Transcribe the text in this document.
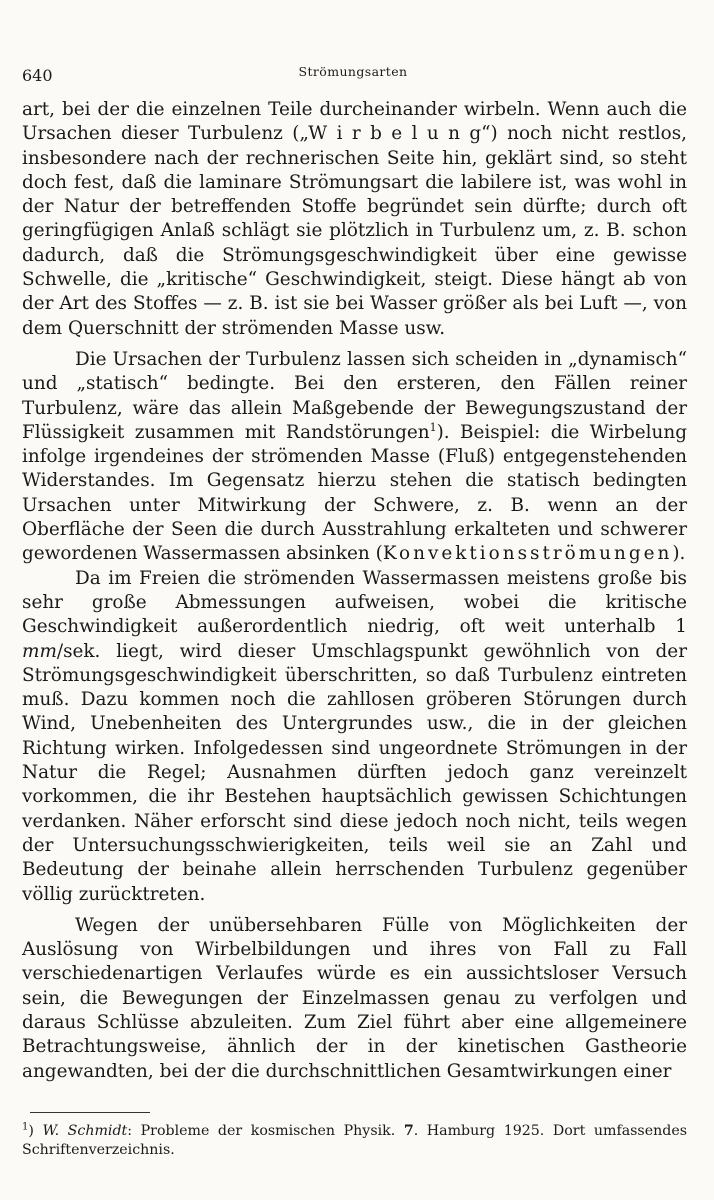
640	Strömungsarten

art, bei der die einzelnen Teile durcheinander wirbeln. Wenn auch die Ursachen dieser Turbulenz („W i r b e l u n g“) noch nicht restlos, insbesondere nach der rechnerischen Seite hin, geklärt sind, so steht doch fest, daß die laminare Strömungsart die labilere ist, was wohl in der Natur der betreffenden Stoffe begründet sein dürfte; durch oft geringfügigen Anlaß schlägt sie plötzlich in Turbulenz um, z. B. schon dadurch, daß die Strömungsgeschwindigkeit über eine gewisse Schwelle, die „kritische“ Geschwindigkeit, steigt. Diese hängt ab von der Art des Stoffes — z. B. ist sie bei Wasser größer als bei Luft —, von dem Querschnitt der strömenden Masse usw.

Die Ursachen der Turbulenz lassen sich scheiden in „dynamisch“ und „statisch“ bedingte. Bei den ersteren, den Fällen reiner Turbulenz, wäre das allein Maßgebende der Bewegungszustand der Flüssigkeit zusammen mit Randstörungen$^1$). Beispiel: die Wirbelung infolge irgendeines der strömenden Masse (Fluß) entgegenstehenden Widerstandes. Im Gegensatz hierzu stehen die statisch bedingten Ursachen unter Mitwirkung der Schwere, z. B. wenn an der Oberfläche der Seen die durch Ausstrahlung erkalteten und schwerer gewordenen Wassermassen absinken (Konvektionsströmungen).

Da im Freien die strömenden Wassermassen meistens große bis sehr große Abmessungen aufweisen, wobei die kritische Geschwindigkeit außerordentlich niedrig, oft weit unterhalb 1 mm/sek. liegt, wird dieser Umschlagspunkt gewöhnlich von der Strömungsgeschwindigkeit überschritten, so daß Turbulenz eintreten muß. Dazu kommen noch die zahllosen gröberen Störungen durch Wind, Unebenheiten des Untergrundes usw., die in der gleichen Richtung wirken. Infolgedessen sind ungeordnete Strömungen in der Natur die Regel; Ausnahmen dürften jedoch ganz vereinzelt vorkommen, die ihr Bestehen hauptsächlich gewissen Schichtungen verdanken. Näher erforscht sind diese jedoch noch nicht, teils wegen der Untersuchungsschwierigkeiten, teils weil sie an Zahl und Bedeutung der beinahe allein herrschenden Turbulenz gegenüber völlig zurücktreten.

Wegen der unübersehbaren Fülle von Möglichkeiten der Auslösung von Wirbelbildungen und ihres von Fall zu Fall verschiedenartigen Verlaufes würde es ein aussichtsloser Versuch sein, die Bewegungen der Einzelmassen genau zu verfolgen und daraus Schlüsse abzuleiten. Zum Ziel führt aber eine allgemeinere Betrachtungsweise, ähnlich der in der kinetischen Gastheorie angewandten, bei der die durchschnittlichen Gesamtwirkungen einer

$^1$) W. Schmidt: Probleme der kosmischen Physik. 7. Hamburg 1925. Dort umfassendes Schriftenverzeichnis.
